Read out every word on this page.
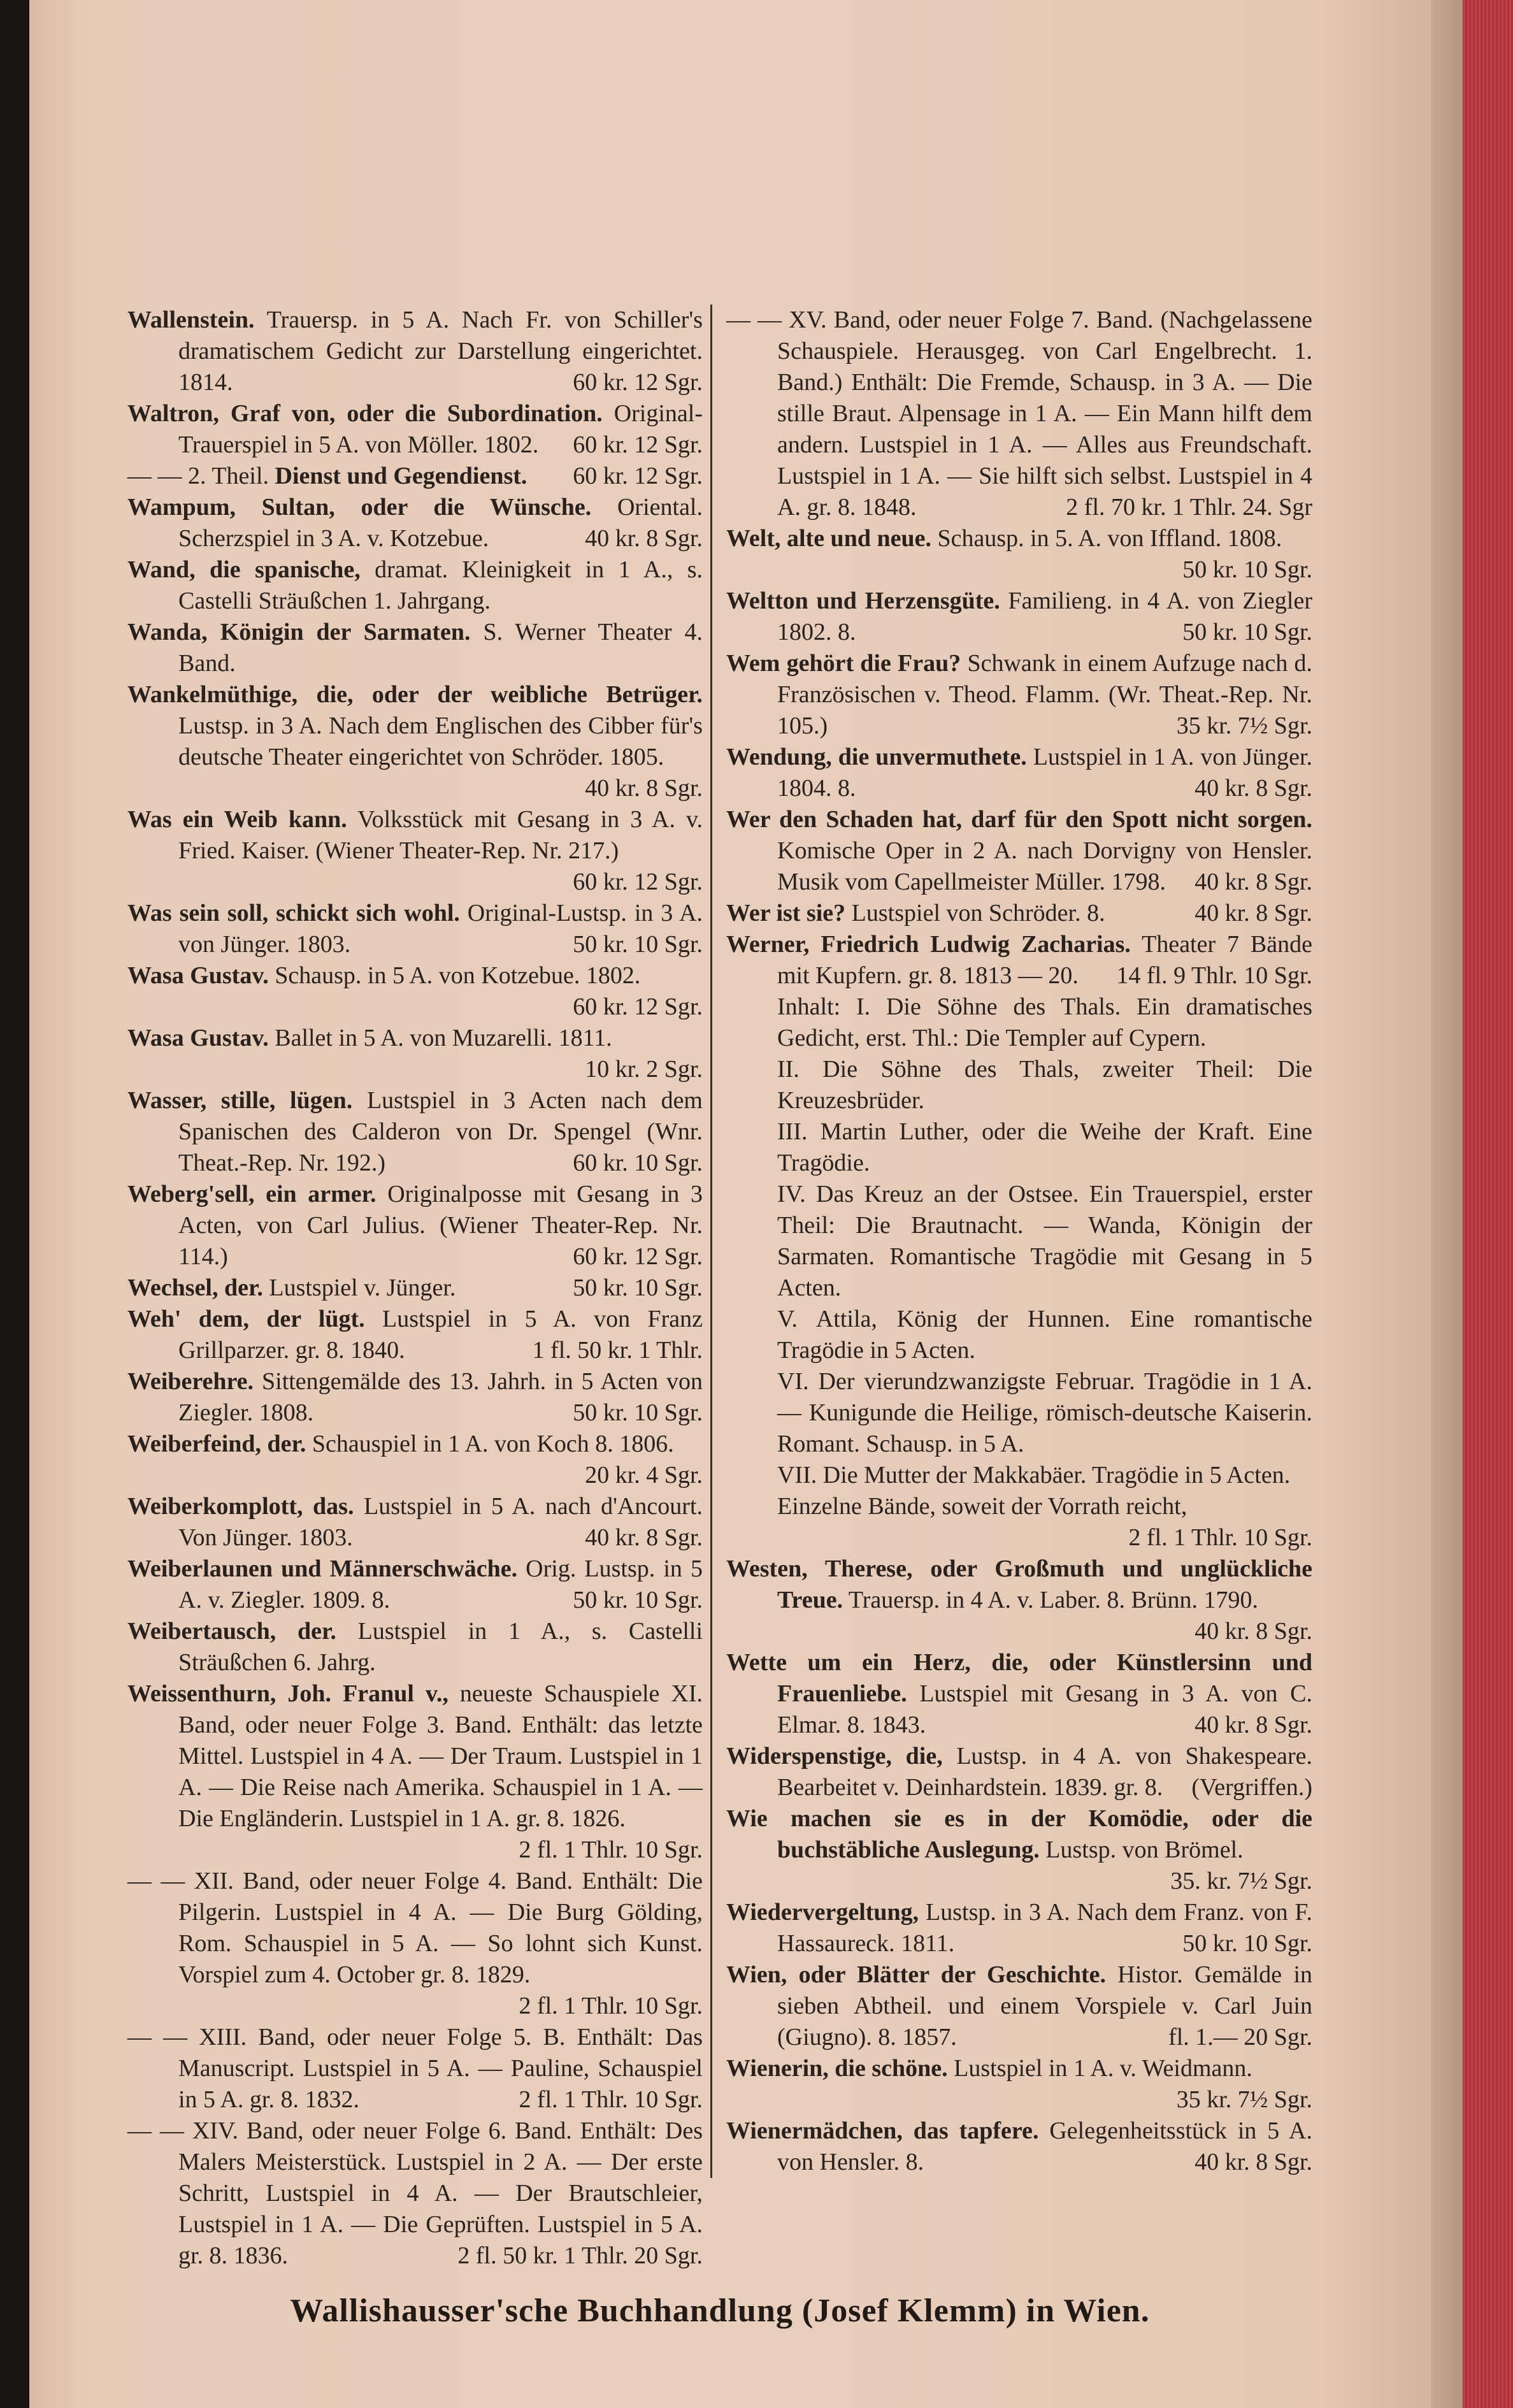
Wallenstein. Trauersp. in 5 A. Nach Fr. von Schiller's dramatischem Gedicht zur Darstellung eingerichtet. 1814.	60 kr. 12 Sgr.

Waltron, Graf von, oder die Subordination. Original-Trauerspiel in 5 A. von Möller. 1802.	60 kr. 12 Sgr.

— — 2. Theil. Dienst und Gegendienst.	60 kr. 12 Sgr.

Wampum, Sultan, oder die Wünsche. Oriental. Scherzspiel in 3 A. v. Kotzebue.	40 kr. 8 Sgr.

Wand, die spanische, dramat. Kleinigkeit in 1 A., s. Castelli Sträußchen 1. Jahrgang.

Wanda, Königin der Sarmaten. S. Werner Theater 4. Band.

Wankelmüthige, die, oder der weibliche Betrüger. Lustsp. in 3 A. Nach dem Englischen des Cibber für's deutsche Theater eingerichtet von Schröder. 1805.
40 kr. 8 Sgr.

Was ein Weib kann. Volksstück mit Gesang in 3 A. v. Fried. Kaiser. (Wiener Theater-Rep. Nr. 217.)
60 kr. 12 Sgr.

Was sein soll, schickt sich wohl. Original-Lustsp. in 3 A. von Jünger. 1803.	50 kr. 10 Sgr.

Wasa Gustav. Schausp. in 5 A. von Kotzebue. 1802.
60 kr. 12 Sgr.

Wasa Gustav. Ballet in 5 A. von Muzarelli. 1811.
10 kr. 2 Sgr.

Wasser, stille, lügen. Lustspiel in 3 Acten nach dem Spanischen des Calderon von Dr. Spengel (Wnr. Theat.-Rep. Nr. 192.)	60 kr. 10 Sgr.

Weberg'sell, ein armer. Originalposse mit Gesang in 3 Acten, von Carl Julius. (Wiener Theater-Rep. Nr. 114.)	60 kr. 12 Sgr.

Wechsel, der. Lustspiel v. Jünger.	50 kr. 10 Sgr.

Weh' dem, der lügt. Lustspiel in 5 A. von Franz Grillparzer. gr. 8. 1840.	1 fl. 50 kr. 1 Thlr.

Weiberehre. Sittengemälde des 13. Jahrh. in 5 Acten von Ziegler. 1808.	50 kr. 10 Sgr.

Weiberfeind, der. Schauspiel in 1 A. von Koch 8. 1806.
20 kr. 4 Sgr.

Weiberkomplott, das. Lustspiel in 5 A. nach d'Ancourt. Von Jünger. 1803.	40 kr. 8 Sgr.

Weiberlaunen und Männerschwäche. Orig. Lustsp. in 5 A. v. Ziegler. 1809. 8.	50 kr. 10 Sgr.

Weibertausch, der. Lustspiel in 1 A., s. Castelli Sträußchen 6. Jahrg.

Weissenthurn, Joh. Franul v., neueste Schauspiele XI. Band, oder neuer Folge 3. Band. Enthält: das letzte Mittel. Lustspiel in 4 A. — Der Traum. Lustspiel in 1 A. — Die Reise nach Amerika. Schauspiel in 1 A. — Die Engländerin. Lustspiel in 1 A. gr. 8. 1826.
2 fl. 1 Thlr. 10 Sgr.

— — XII. Band, oder neuer Folge 4. Band. Enthält: Die Pilgerin. Lustspiel in 4 A. — Die Burg Gölding, Rom. Schauspiel in 5 A. — So lohnt sich Kunst. Vorspiel zum 4. October gr. 8. 1829.
2 fl. 1 Thlr. 10 Sgr.

— — XIII. Band, oder neuer Folge 5. B. Enthält: Das Manuscript. Lustspiel in 5 A. — Pauline, Schauspiel in 5 A. gr. 8. 1832.	2 fl. 1 Thlr. 10 Sgr.

— — XIV. Band, oder neuer Folge 6. Band. Enthält: Des Malers Meisterstück. Lustspiel in 2 A. — Der erste Schritt, Lustspiel in 4 A. — Der Brautschleier, Lustspiel in 1 A. — Die Geprüften. Lustspiel in 5 A. gr. 8. 1836.	2 fl. 50 kr. 1 Thlr. 20 Sgr.

— — XV. Band, oder neuer Folge 7. Band. (Nachgelassene Schauspiele. Herausgeg. von Carl Engelbrecht. 1. Band.) Enthält: Die Fremde, Schausp. in 3 A. — Die stille Braut. Alpensage in 1 A. — Ein Mann hilft dem andern. Lustspiel in 1 A. — Alles aus Freundschaft. Lustspiel in 1 A. — Sie hilft sich selbst. Lustspiel in 4 A. gr. 8. 1848.	2 fl. 70 kr. 1 Thlr. 24. Sgr

Welt, alte und neue. Schausp. in 5. A. von Iffland. 1808.
50 kr. 10 Sgr.

Weltton und Herzensgüte. Familieng. in 4 A. von Ziegler 1802. 8.	50 kr. 10 Sgr.

Wem gehört die Frau? Schwank in einem Aufzuge nach d. Französischen v. Theod. Flamm. (Wr. Theat.-Rep. Nr. 105.)	35 kr. 7½ Sgr.

Wendung, die unvermuthete. Lustspiel in 1 A. von Jünger. 1804. 8.	40 kr. 8 Sgr.

Wer den Schaden hat, darf für den Spott nicht sorgen. Komische Oper in 2 A. nach Dorvigny von Hensler. Musik vom Capellmeister Müller. 1798.	40 kr. 8 Sgr.

Wer ist sie? Lustspiel von Schröder. 8.	40 kr. 8 Sgr.

Werner, Friedrich Ludwig Zacharias. Theater 7 Bände mit Kupfern. gr. 8. 1813 — 20.	14 fl. 9 Thlr. 10 Sgr.

Inhalt: I. Die Söhne des Thals. Ein dramatisches Gedicht, erst. Thl.: Die Templer auf Cypern.

II. Die Söhne des Thals, zweiter Theil: Die Kreuzesbrüder.

III. Martin Luther, oder die Weihe der Kraft. Eine Tragödie.

IV. Das Kreuz an der Ostsee. Ein Trauerspiel, erster Theil: Die Brautnacht. — Wanda, Königin der Sarmaten. Romantische Tragödie mit Gesang in 5 Acten.

V. Attila, König der Hunnen. Eine romantische Tragödie in 5 Acten.

VI. Der vierundzwanzigste Februar. Tragödie in 1 A. — Kunigunde die Heilige, römisch-deutsche Kaiserin. Romant. Schausp. in 5 A.

VII. Die Mutter der Makkabäer. Tragödie in 5 Acten.

Einzelne Bände, soweit der Vorrath reicht,
2 fl. 1 Thlr. 10 Sgr.

Westen, Therese, oder Großmuth und unglückliche Treue. Trauersp. in 4 A. v. Laber. 8. Brünn. 1790.
40 kr. 8 Sgr.

Wette um ein Herz, die, oder Künstlersinn und Frauenliebe. Lustspiel mit Gesang in 3 A. von C. Elmar. 8. 1843.	40 kr. 8 Sgr.

Widerspenstige, die, Lustsp. in 4 A. von Shakespeare. Bearbeitet v. Deinhardstein. 1839. gr. 8.	(Vergriffen.)

Wie machen sie es in der Komödie, oder die buchstäbliche Auslegung. Lustsp. von Brömel.
35. kr. 7½ Sgr.

Wiedervergeltung, Lustsp. in 3 A. Nach dem Franz. von F. Hassaureck. 1811.	50 kr. 10 Sgr.

Wien, oder Blätter der Geschichte. Histor. Gemälde in sieben Abtheil. und einem Vorspiele v. Carl Juin (Giugno). 8. 1857.	fl. 1.— 20 Sgr.

Wienerin, die schöne. Lustspiel in 1 A. v. Weidmann.
35 kr. 7½ Sgr.

Wienermädchen, das tapfere. Gelegenheitsstück in 5 A. von Hensler. 8.	40 kr. 8 Sgr.

Wallishausser'sche Buchhandlung (Josef Klemm) in Wien.
